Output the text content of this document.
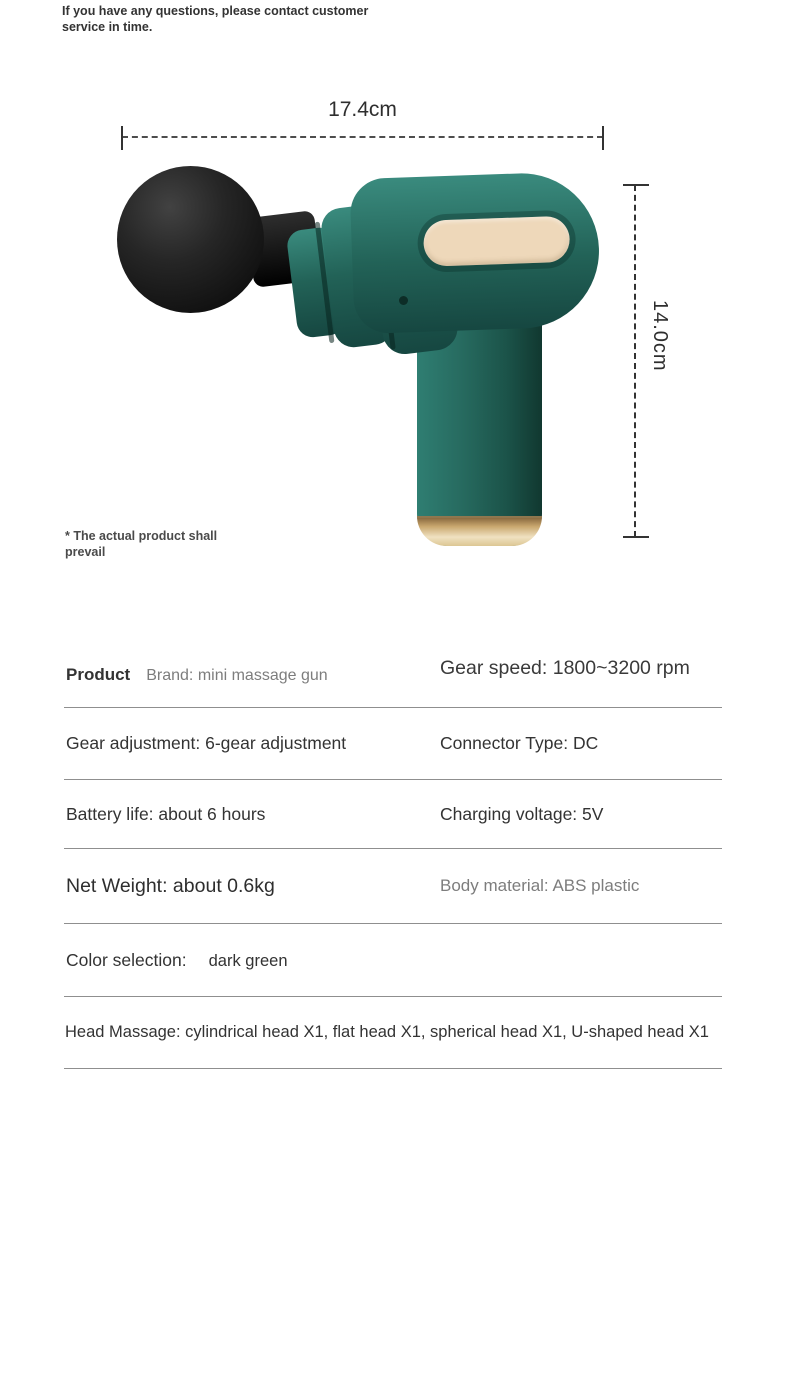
If you have any questions, please contact customer service in time.
17.4cm
14.0cm
* The actual product shall prevail
Product Brand: mini massage gun	Gear speed: 1800~3200 rpm
Gear adjustment: 6-gear adjustment	Connector Type: DC
Battery life: about 6 hours	Charging voltage: 5V
Net Weight: about 0.6kg	Body material: ABS plastic
Color selection: dark green
Head Massage: cylindrical head X1, flat head X1, spherical head X1, U-shaped head X1
